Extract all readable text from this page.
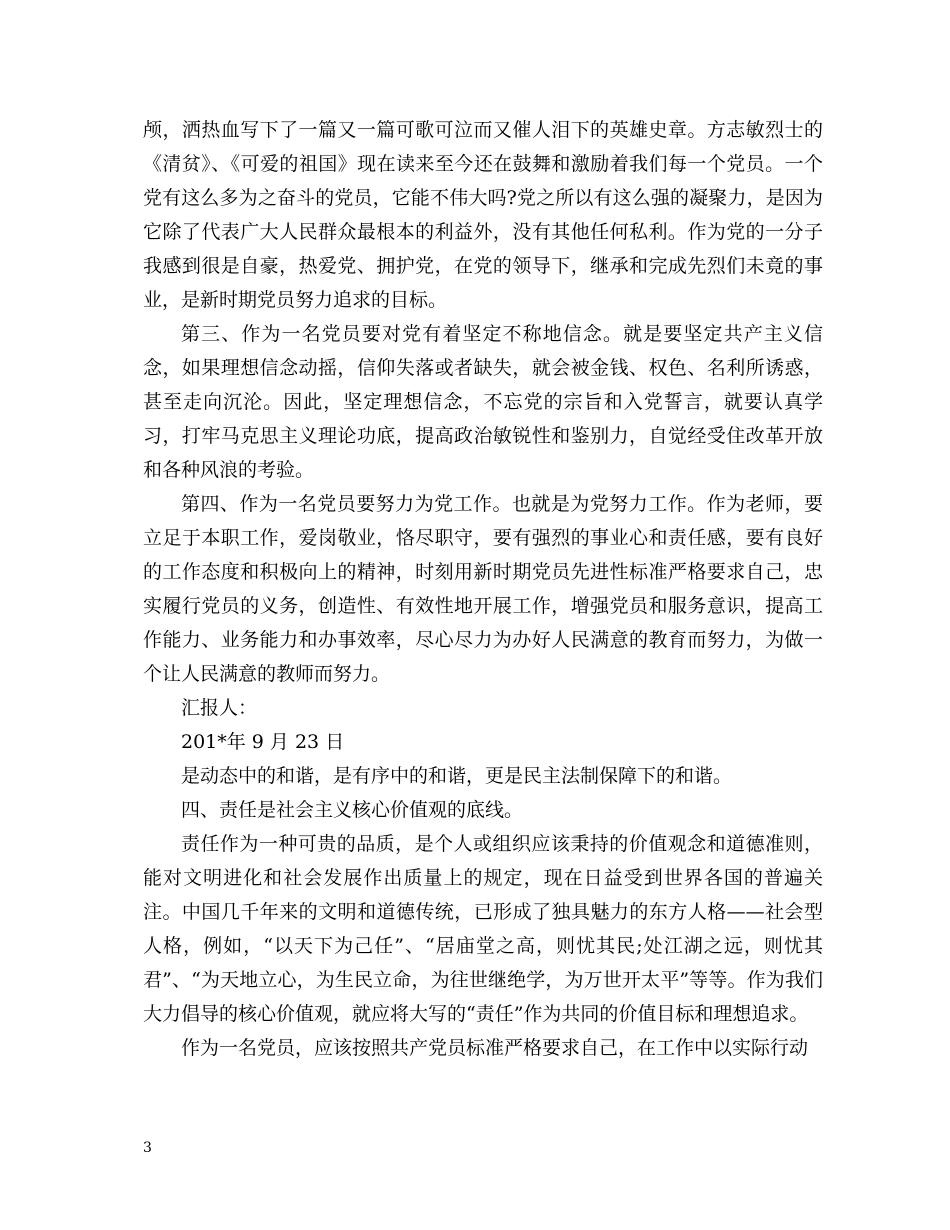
颅，洒热血写下了一篇又一篇可歌可泣而又催人泪下的英雄史章。方志敏烈士的《清贫》、《可爱的祖国》现在读来至今还在鼓舞和激励着我们每一个党员。一个党有这么多为之奋斗的党员，它能不伟大吗?党之所以有这么强的凝聚力，是因为它除了代表广大人民群众最根本的利益外，没有其他任何私利。作为党的一分子我感到很是自豪，热爱党、拥护党，在党的领导下，继承和完成先烈们未竟的事业，是新时期党员努力追求的目标。

第三、作为一名党员要对党有着坚定不称地信念。就是要坚定共产主义信念，如果理想信念动摇，信仰失落或者缺失，就会被金钱、权色、名利所诱惑，甚至走向沉沦。因此，坚定理想信念，不忘党的宗旨和入党誓言，就要认真学习，打牢马克思主义理论功底，提高政治敏锐性和鉴别力，自觉经受住改革开放和各种风浪的考验。

第四、作为一名党员要努力为党工作。也就是为党努力工作。作为老师，要立足于本职工作，爱岗敬业，恪尽职守，要有强烈的事业心和责任感，要有良好的工作态度和积极向上的精神，时刻用新时期党员先进性标准严格要求自己，忠实履行党员的义务，创造性、有效性地开展工作，增强党员和服务意识，提高工作能力、业务能力和办事效率，尽心尽力为办好人民满意的教育而努力，为做一个让人民满意的教师而努力。

汇报人：

201*年 9 月 23 日

是动态中的和谐，是有序中的和谐，更是民主法制保障下的和谐。

四、责任是社会主义核心价值观的底线。

责任作为一种可贵的品质，是个人或组织应该秉持的价值观念和道德准则，能对文明进化和社会发展作出质量上的规定，现在日益受到世界各国的普遍关注。中国几千年来的文明和道德传统，已形成了独具魅力的东方人格——社会型人格，例如，“以天下为己任”、“居庙堂之高，则忧其民;处江湖之远，则忧其君”、“为天地立心，为生民立命，为往世继绝学，为万世开太平”等等。作为我们大力倡导的核心价值观，就应将大写的“责任”作为共同的价值目标和理想追求。

作为一名党员，应该按照共产党员标准严格要求自己，在工作中以实际行动

3
